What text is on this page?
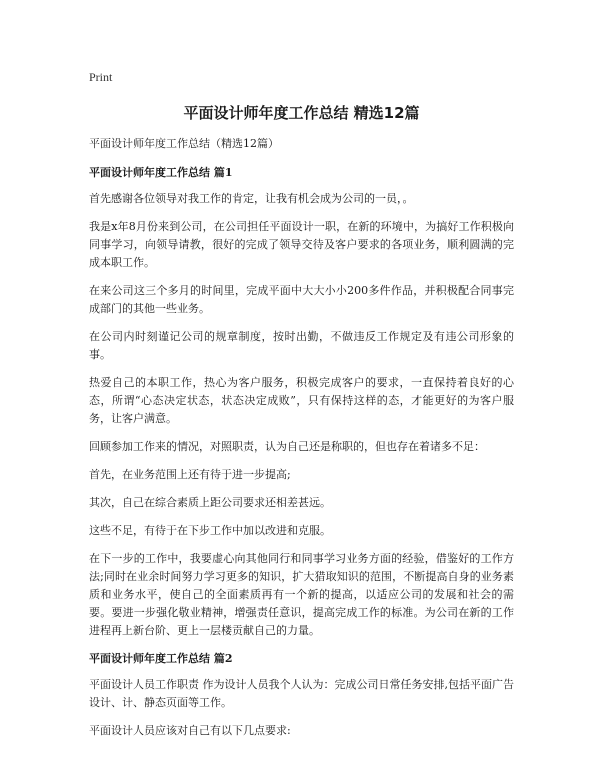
Print
平面设计师年度工作总结 精选12篇
平面设计师年度工作总结（精选12篇）
平面设计师年度工作总结 篇1

首先感谢各位领导对我工作的肯定，让我有机会成为公司的一员，。

我是x年8月份来到公司，在公司担任平面设计一职，在新的环境中，为搞好工作积极向同事学习，向领导请教，很好的完成了领导交待及客户要求的各项业务，顺利圆满的完成本职工作。

在来公司这三个多月的时间里，完成平面中大大小小200多件作品，并积极配合同事完成部门的其他一些业务。

在公司内时刻谨记公司的规章制度，按时出勤，不做违反工作规定及有违公司形象的事。

热爱自己的本职工作，热心为客户服务，积极完成客户的要求，一直保持着良好的心态，所谓“心态决定状态，状态决定成败”，只有保持这样的态，才能更好的为客户服务，让客户满意。

回顾参加工作来的情况，对照职责，认为自己还是称职的，但也存在着诸多不足：

首先，在业务范围上还有待于进一步提高;

其次，自己在综合素质上距公司要求还相差甚远。

这些不足，有待于在下步工作中加以改进和克服。

在下一步的工作中，我要虚心向其他同行和同事学习业务方面的经验，借鉴好的工作方法;同时在业余时间努力学习更多的知识，扩大猎取知识的范围，不断提高自身的业务素质和业务水平，使自己的全面素质再有一个新的提高，以适应公司的发展和社会的需要。要进一步强化敬业精神，增强责任意识，提高完成工作的标准。为公司在新的工作进程再上新台阶、更上一层楼贡献自己的力量。

平面设计师年度工作总结 篇2

平面设计人员工作职责 作为设计人员我个人认为：完成公司日常任务安排,包括平面广告设计、计、静态页面等工作。

平面设计人员应该对自己有以下几点要求:
